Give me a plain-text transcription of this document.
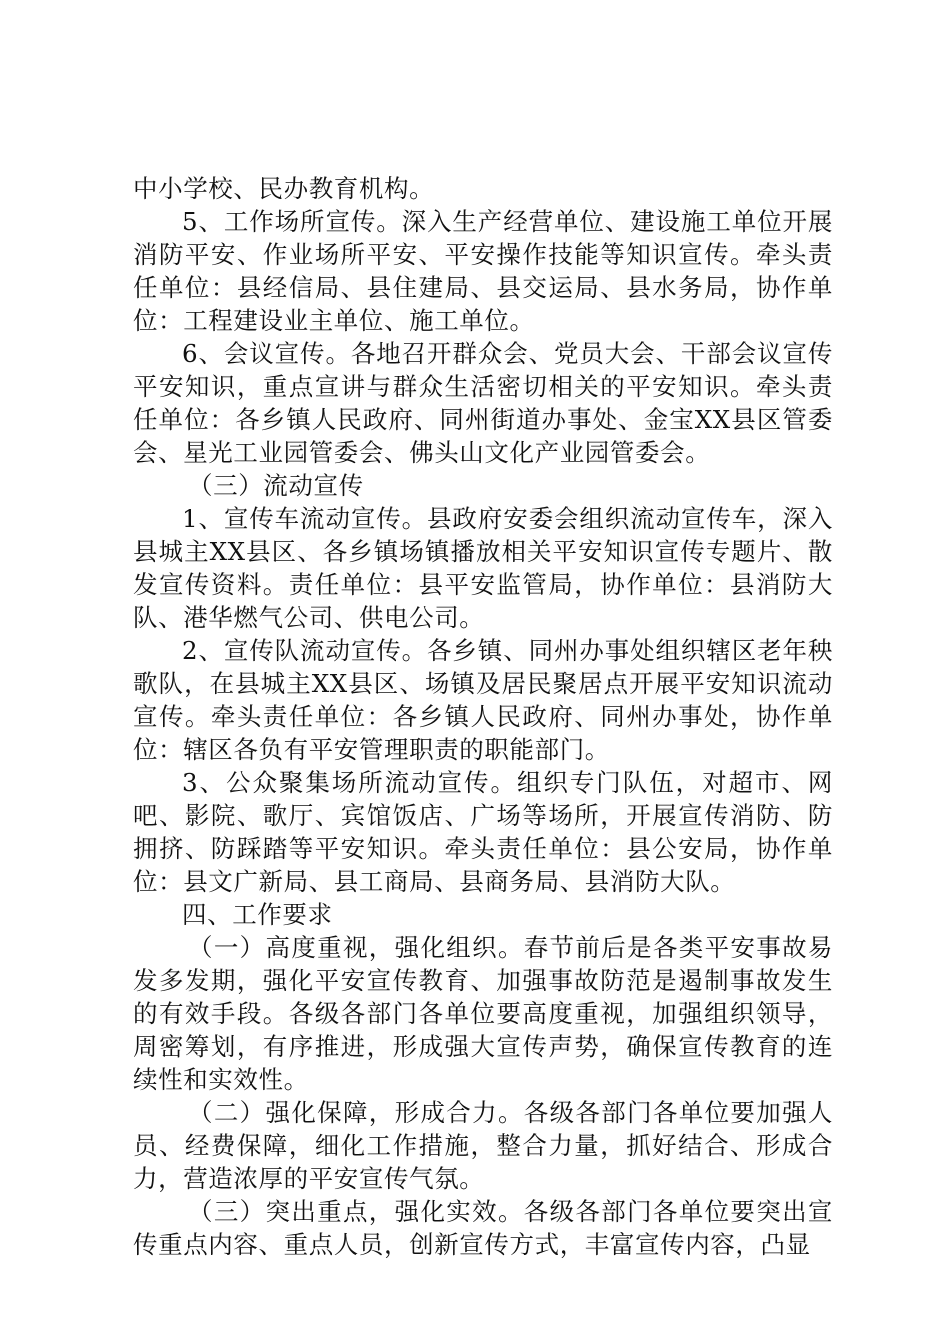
中小学校、民办教育机构。

5、工作场所宣传。深入生产经营单位、建设施工单位开展消防平安、作业场所平安、平安操作技能等知识宣传。牵头责任单位：县经信局、县住建局、县交运局、县水务局，协作单位：工程建设业主单位、施工单位。

6、会议宣传。各地召开群众会、党员大会、干部会议宣传平安知识，重点宣讲与群众生活密切相关的平安知识。牵头责任单位：各乡镇人民政府、同州街道办事处、金宝XX县区管委会、星光工业园管委会、佛头山文化产业园管委会。

（三）流动宣传

1、宣传车流动宣传。县政府安委会组织流动宣传车，深入县城主XX县区、各乡镇场镇播放相关平安知识宣传专题片、散发宣传资料。责任单位：县平安监管局，协作单位：县消防大队、港华燃气公司、供电公司。

2、宣传队流动宣传。各乡镇、同州办事处组织辖区老年秧歌队，在县城主XX县区、场镇及居民聚居点开展平安知识流动宣传。牵头责任单位：各乡镇人民政府、同州办事处，协作单位：辖区各负有平安管理职责的职能部门。

3、公众聚集场所流动宣传。组织专门队伍，对超市、网吧、影院、歌厅、宾馆饭店、广场等场所，开展宣传消防、防拥挤、防踩踏等平安知识。牵头责任单位：县公安局，协作单位：县文广新局、县工商局、县商务局、县消防大队。

四、工作要求

（一）高度重视，强化组织。春节前后是各类平安事故易发多发期，强化平安宣传教育、加强事故防范是遏制事故发生的有效手段。各级各部门各单位要高度重视，加强组织领导，周密筹划，有序推进，形成强大宣传声势，确保宣传教育的连续性和实效性。

（二）强化保障，形成合力。各级各部门各单位要加强人员、经费保障，细化工作措施，整合力量，抓好结合、形成合力，营造浓厚的平安宣传气氛。

（三）突出重点，强化实效。各级各部门各单位要突出宣传重点内容、重点人员，创新宣传方式，丰富宣传内容，凸显
